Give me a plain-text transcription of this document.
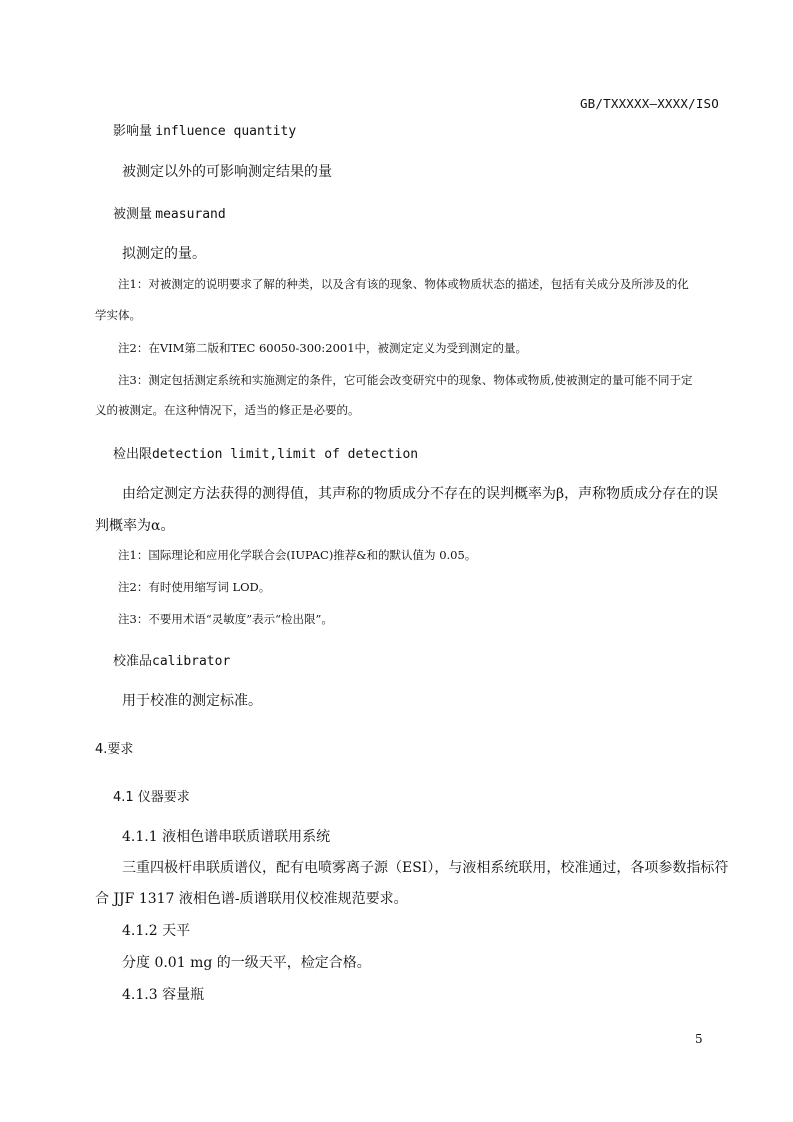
GB/TXXXXX—XXXX/ISO
影响量 influence quantity
被测定以外的可影响测定结果的量
被测量 measurand
拟测定的量。
注1：对被测定的说明要求了解的种类，以及含有该的现象、物体或物质状态的描述，包括有关成分及所涉及的化
学实体。
注2：在VIM第二版和TEC 60050-300:2001中，被测定定义为受到测定的量。
注3：测定包括测定系统和实施测定的条件，它可能会改变研究中的现象、物体或物质,使被测定的量可能不同于定
义的被测定。在这种情况下，适当的修正是必要的。
检出限detection limit,limit of detection
由给定测定方法获得的测得值，其声称的物质成分不存在的误判概率为β，声称物质成分存在的误
判概率为α。
注1：国际理论和应用化学联合会(IUPAC)推荐&和的默认值为 0.05。
注2：有时使用缩写词 LOD。
注3：不要用术语“灵敏度”表示“检出限”。
校准品calibrator
用于校准的测定标准。
4.要求
4.1 仪器要求
4.1.1 液相色谱串联质谱联用系统
三重四极杆串联质谱仪，配有电喷雾离子源（ESI），与液相系统联用，校准通过，各项参数指标符
合 JJF 1317 液相色谱-质谱联用仪校准规范要求。
4.1.2 天平
分度 0.01 mg 的一级天平，检定合格。
4.1.3 容量瓶
5
